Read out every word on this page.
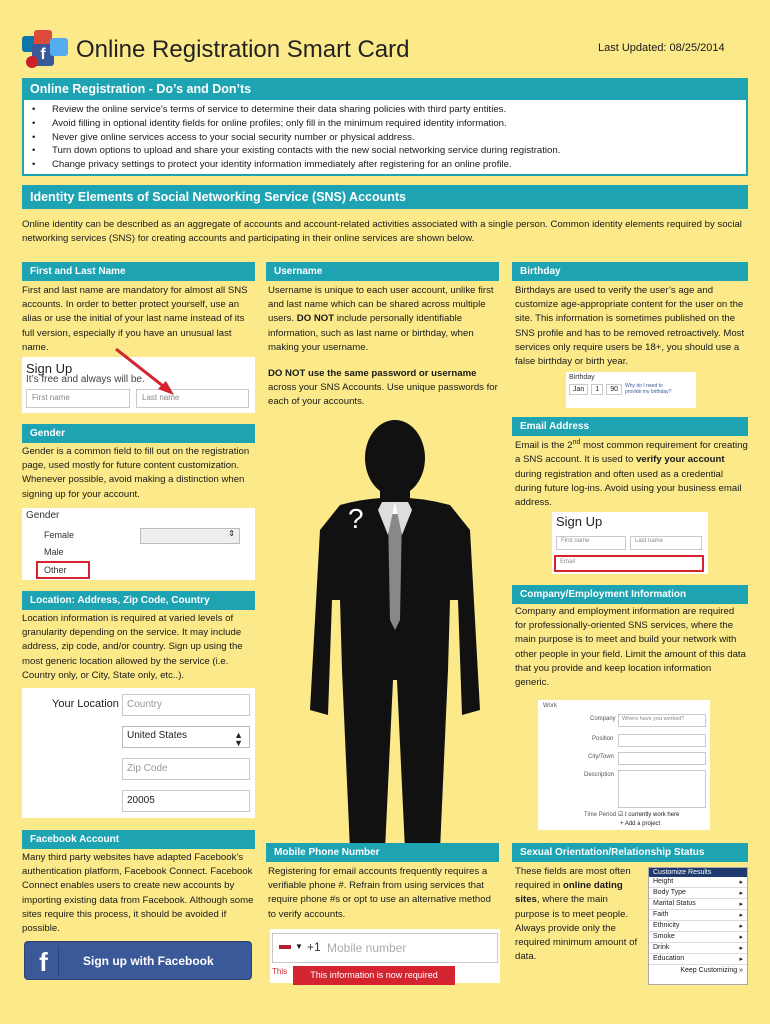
f	Online Registration Smart Card	Last Updated: 08/25/2014
Online Registration - Do’s and Don’ts
• Review the online service’s terms of service to determine their data sharing policies with third party entities.
• Avoid filling in optional identity fields for online profiles; only fill in the minimum required identity information.
• Never give online services access to your social security number or physical address.
• Turn down options to upload and share your existing contacts with the new social networking service during registration.
• Change privacy settings to protect your identity information immediately after registering for an online profile.
Identity Elements of Social Networking Service (SNS) Accounts
Online identity can be described as an aggregate of accounts and account-related activities associated with a single person. Common identity elements required by social networking services (SNS) for creating accounts and participating in their online services are shown below.
First and Last Name
First and last name are mandatory for almost all SNS accounts. In order to better protect yourself, use an alias or use the initial of your last name instead of its full version, especially if you have an unusual last name.
Sign Up
It’s free and always will be.
First name	Last name
Username
Username is unique to each user account, unlike first and last name which can be shared across multiple users. DO NOT include personally identifiable information, such as last name or birthday, when making your username.
DO NOT use the same password or username across your SNS Accounts. Use unique passwords for each of your accounts.
Birthday
Birthdays are used to verify the user’s age and customize age-appropriate content for the user on the site. This information is sometimes published on the SNS profile and has to be removed retroactively. Most services only require users be 18+, you should use a false birthday or birth year.
Birthday
Jan	1	90	Why do I need to provide my birthday?
?
Gender
Gender is a common field to fill out on the registration page, used mostly for future content customization. Whenever possible, avoid making a distinction when signing up for your account.
Gender
Female	⇕
Male
Other
Email Address
Email is the 2nd most common requirement for creating a SNS account. It is used to verify your account during registration and often used as a credential during future log-ins. Avoid using your business email address.
Sign Up
First name	Last name
Email
Location: Address, Zip Code, Country
Location information is required at varied levels of granularity depending on the service. It may include address, zip code, and/or country. Sign up using the most generic location allowed by the service (i.e. Country only, or City, State only, etc..).
Your Location Country
United States	▲

▼
Zip Code
20005
Company/Employment Information
Company and employment information are required for professionally-oriented SNS services, where the main purpose is to meet and build your network with other people in your field. Limit the amount of this data that you provide and keep location information generic.
Work
Company	Where have you worked?
Position
City/Town
Description
Time Period ☑ I currently work here
+ Add a project
Facebook Account
Many third party websites have adapted Facebook’s authentication platform, Facebook Connect. Facebook Connect enables users to create new accounts by importing existing data from Facebook. Although some sites require this process, it should be avoided if possible.
f	Sign up with Facebook
Mobile Phone Number
Registering for email accounts frequently requires a verifiable phone #. Refrain from using services that require phone #s or opt to use an alternative method to verify accounts.
▼ +1 Mobile number
This	This information is now required
Sexual Orientation/Relationship Status
These fields are most often required in online dating sites, where the main purpose is to meet people. Always provide only the required minimum amount of data.
Customize Results
Height	▸
Body Type	▸
Marital Status	▸
Faith	▸
Ethnicity	▸
Smoke	▸
Drink	▸
Education	▸
Keep Customizing »
